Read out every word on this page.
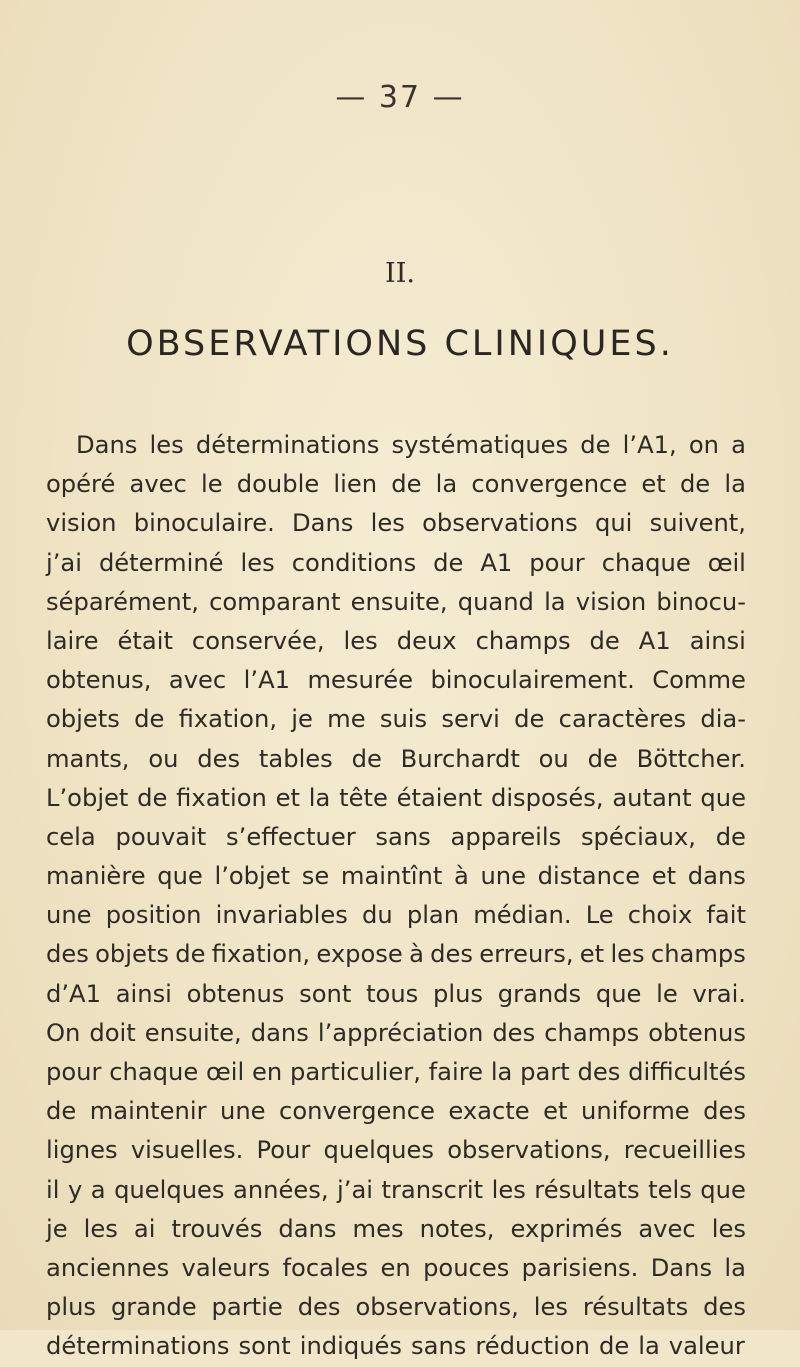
— 37 —
II.
OBSERVATIONS CLINIQUES.
Dans les déterminations systématiques de l’A1, on a
opéré avec le double lien de la convergence et de la
vision binoculaire. Dans les observations qui suivent,
j’ai déterminé les conditions de A1 pour chaque œil
séparément, comparant ensuite, quand la vision binocu-
laire était conservée, les deux champs de A1 ainsi
obtenus, avec l’A1 mesurée binoculairement. Comme
objets de fixation, je me suis servi de caractères dia-
mants, ou des tables de Burchardt ou de Böttcher.
L’objet de fixation et la tête étaient disposés, autant que
cela pouvait s’effectuer sans appareils spéciaux, de
manière que l’objet se maintînt à une distance et dans
une position invariables du plan médian. Le choix fait
des objets de fixation, expose à des erreurs, et les champs
d’A1 ainsi obtenus sont tous plus grands que le vrai.
On doit ensuite, dans l’appréciation des champs obtenus
pour chaque œil en particulier, faire la part des difficultés
de maintenir une convergence exacte et uniforme des
lignes visuelles. Pour quelques observations, recueillies
il y a quelques années, j’ai transcrit les résultats tels que
je les ai trouvés dans mes notes, exprimés avec les
anciennes valeurs focales en pouces parisiens. Dans la
plus grande partie des observations, les résultats des
déterminations sont indiqués sans réduction de la valeur
